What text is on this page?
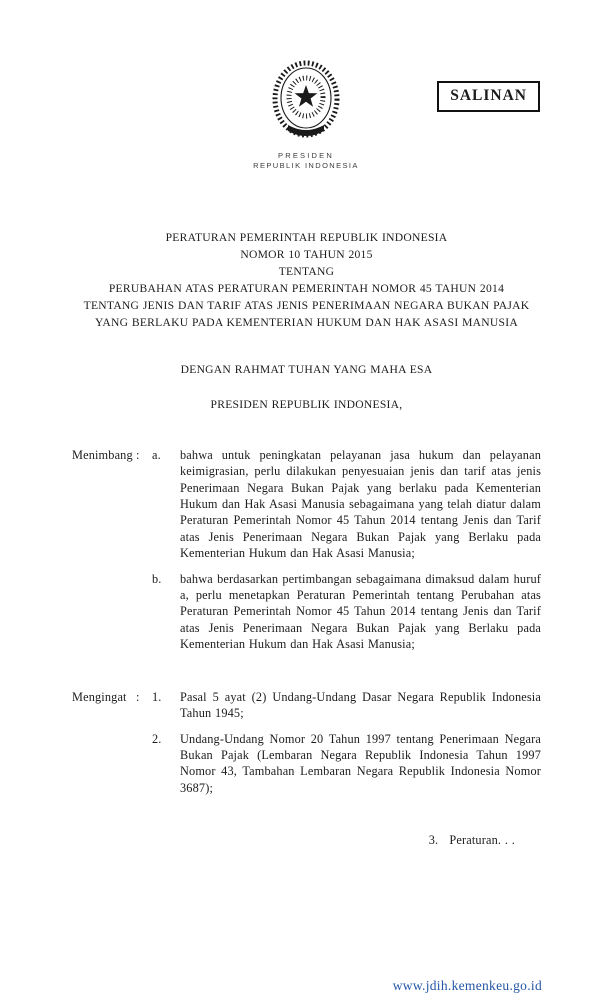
PRESIDEN
REPUBLIK INDONESIA
SALINAN
PERATURAN PEMERINTAH REPUBLIK INDONESIA
NOMOR 10 TAHUN 2015
TENTANG
PERUBAHAN ATAS PERATURAN PEMERINTAH NOMOR 45 TAHUN 2014
TENTANG JENIS DAN TARIF ATAS JENIS PENERIMAAN NEGARA BUKAN PAJAK
YANG BERLAKU PADA KEMENTERIAN HUKUM DAN HAK ASASI MANUSIA
DENGAN RAHMAT TUHAN YANG MAHA ESA
PRESIDEN REPUBLIK INDONESIA,
Menimbang :	a.	bahwa untuk peningkatan pelayanan jasa hukum dan pelayanan keimigrasian, perlu dilakukan penyesuaian jenis dan tarif atas jenis Penerimaan Negara Bukan Pajak yang berlaku pada Kementerian Hukum dan Hak Asasi Manusia sebagaimana yang telah diatur dalam Peraturan Pemerintah Nomor 45 Tahun 2014 tentang Jenis dan Tarif atas Jenis Penerimaan Negara Bukan Pajak yang Berlaku pada Kementerian Hukum dan Hak Asasi Manusia;
b.	bahwa berdasarkan pertimbangan sebagaimana dimaksud dalam huruf a, perlu menetapkan Peraturan Pemerintah tentang Perubahan atas Peraturan Pemerintah Nomor 45 Tahun 2014 tentang Jenis dan Tarif atas Jenis Penerimaan Negara Bukan Pajak yang Berlaku pada Kementerian Hukum dan Hak Asasi Manusia;
Mengingat :	1.	Pasal 5 ayat (2) Undang-Undang Dasar Negara Republik Indonesia Tahun 1945;
2.	Undang-Undang Nomor 20 Tahun 1997 tentang Penerimaan Negara Bukan Pajak (Lembaran Negara Republik Indonesia Tahun 1997 Nomor 43, Tambahan Lembaran Negara Republik Indonesia Nomor 3687);
3.   Peraturan. . .
www.jdih.kemenkeu.go.id
